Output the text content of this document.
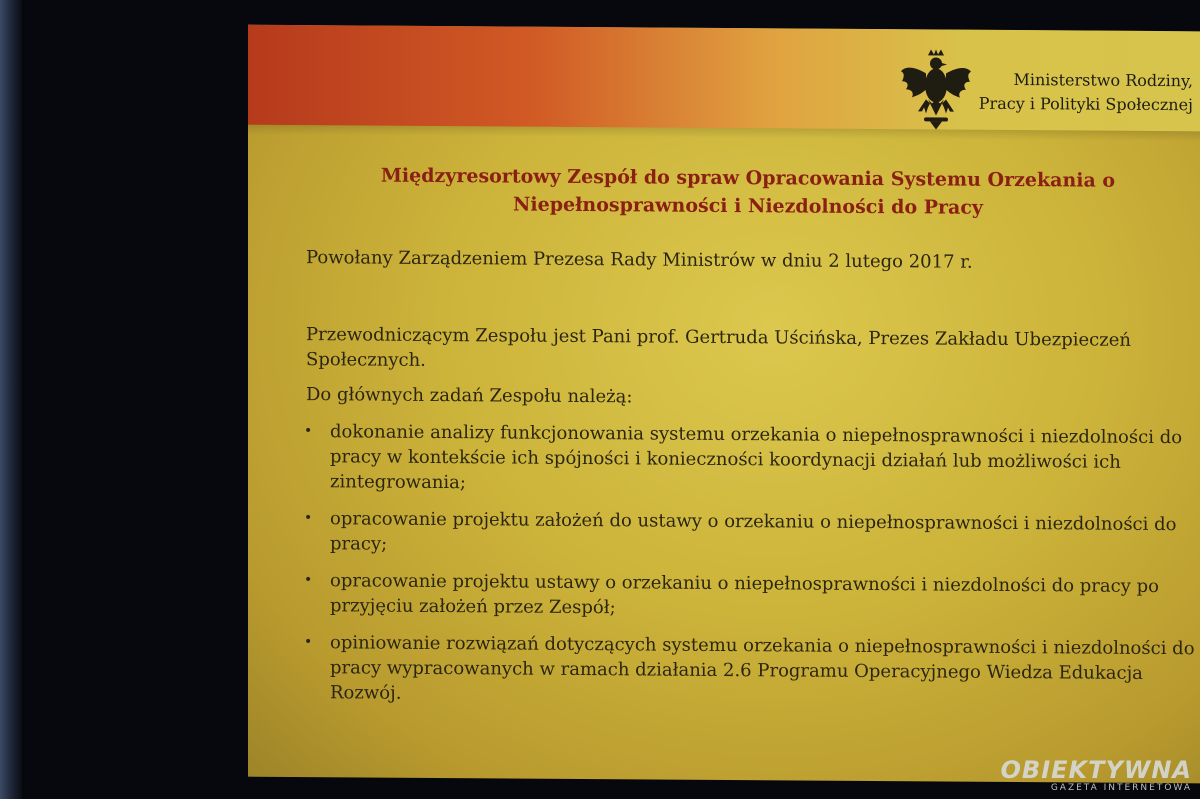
Ministerstwo Rodziny,
Pracy i Polityki Społecznej
Międzyresortowy Zespół do spraw Opracowania Systemu Orzekania o
Niepełnosprawności i Niezdolności do Pracy
Powołany Zarządzeniem Prezesa Rady Ministrów w dniu 2 lutego 2017 r.
Przewodniczącym Zespołu jest Pani prof. Gertruda Uścińska, Prezes Zakładu Ubezpieczeń Społecznych.
Do głównych zadań Zespołu należą:
• dokonanie analizy funkcjonowania systemu orzekania o niepełnosprawności i niezdolności do pracy w kontekście ich spójności i konieczności koordynacji działań lub możliwości ich zintegrowania;
• opracowanie projektu założeń do ustawy o orzekaniu o niepełnosprawności i niezdolności do pracy;
• opracowanie projektu ustawy o orzekaniu o niepełnosprawności i niezdolności do pracy po przyjęciu założeń przez Zespół;
• opiniowanie rozwiązań dotyczących systemu orzekania o niepełnosprawności i niezdolności do pracy wypracowanych w ramach działania 2.6 Programu Operacyjnego Wiedza Edukacja Rozwój.
OBIEKTYWNA
GAZETA INTERNETOWA
